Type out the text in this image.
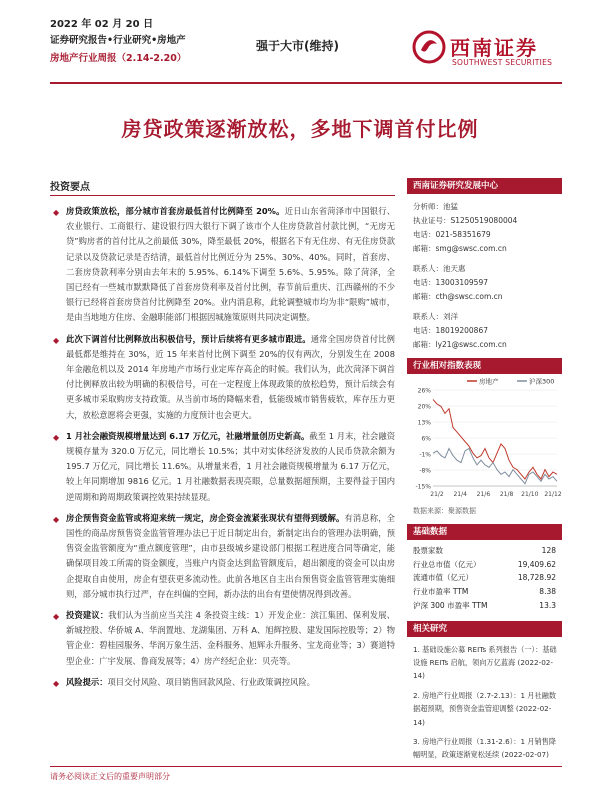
2022 年 02 月 20 日
证券研究报告•行业研究•房地产
房地产行业周报（2.14-2.20）
强于大市(维持)	西南证券
SOUTHWEST SECURITIES
房贷政策逐渐放松，多地下调首付比例
投资要点
◆ 房贷政策放松，部分城市首套房最低首付比例降至 20%。近日山东省菏泽市中国银行、农业银行、工商银行、建设银行四大银行下调了该市个人住房贷款首付款比例，“无房无贷”购房者的首付比从之前最低 30%，降至最低 20%，根据名下有无住房、有无住房贷款记录以及贷款记录是否结清，最低首付比例近分为 25%、30%、40%。同时，首套房、二套房贷款利率分别由去年末的 5.95%、6.14%下调至 5.6%、5.95%。除了菏泽，全国已经有一些城市默默降低了首套房贷利率及首付比例，春节前后重庆、江西赣州的不少银行已经将首套房贷首付比例降至 20%。业内消息称，此轮调整城市均为非“限购”城市，是由当地地方住房、金融职能部门根据因城施策原则共同决定调整。
◆ 此次下调首付比例释放出积极信号，预计后续将有更多城市跟进。通常全国房贷首付比例最低都是维持在 30%，近 15 年来首付比例下调至 20%的仅有两次，分别发生在 2008 年金融危机以及 2014 年房地产市场行业定库存高企的时候。我们认为，此次菏泽下调首付比例释放出较为明确的积极信号，可在一定程度上体现政策的放松趋势，预计后续会有更多城市采取购房支持政策。从当前市场的降幅来看，低能级城市销售疲软，库存压力更大，放松意愿将会更强，实施的力度预计也会更大。
◆ 1 月社会融资规模增量达到 6.17 万亿元，社融增量创历史新高。截至 1 月末，社会融资规模存量为 320.0 万亿元，同比增长 10.5%；其中对实体经济发放的人民币贷款余额为 195.7 万亿元，同比增长 11.6%。从增量来看，1 月社会融资规模增量为 6.17 万亿元，较上年同期增加 9816 亿元。1 月社融数据表现亮眼，总量数据超预期，主要得益于国内逆周期和跨周期政策调控效果持续显现。
◆ 房企预售资金监管或将迎来统一规定，房企资金流紧张现状有望得到缓解。有消息称，全国性的商品房预售资金监管管理办法已于近日制定出台，新制定出台的管理办法明确，预售资金监管额度为“重点额度管理”，由市县级城乡建设部门根据工程进度合同等确定，能确保项目竣工所需的资金额度，当账户内资金达到监管额度后，超出额度的资金可以由房企提取自由使用，房企有望获更多流动性。此前各地区自主出台预售资金监管管理实施细则，部分城市执行过严，存在纠偏的空间，新办法的出台有望使情况得到改善。
◆ 投资建议：我们认为当前应当关注 4 条投资主线：1）开发企业：滨江集团、保利发展、新城控股、华侨城 A、华润置地、龙湖集团、万科 A、旭辉控股、建发国际控股等；2）物管企业：碧桂园服务、华润万象生活、金科服务、旭辉永升服务、宝龙商业等；3）赛道特型企业：广宇发展、鲁商发展等；4）房产经纪企业：贝壳等。
◆ 风险提示：项目交付风险、项目销售回款风险、行业政策调控风险。
西南证券研究发展中心
分析师：池猛
执业证号：S1250519080004
电话：021-58351679
邮箱：smg@swsc.com.cn
联系人：池天惠
电话：13003109597
邮箱：cth@swsc.com.cn
联系人：刘洋
电话：18019200867
邮箱：ly21@swsc.com.cn
行业相对指数表现
26%
20%
13%
6%
-1%
-8%
-15%
21/2 21/4 21/6 21/8 21/10 21/12
房地产	沪深300
数据来源：聚源数据
基础数据
股票家数	128
行业总市值（亿元）	19,409.62
流通市值（亿元）	18,728.92
行业市盈率 TTM	8.38
沪深 300 市盈率 TTM	13.3
相关研究
1. 基础设施公募 REITs 系列报告（一）：基础设施 REITs 启航，领向万亿蓝海 (2022-02-14)
2. 房地产行业周报（2.7-2.13）：1 月社融数据超预期，预售资金监管迎调整 (2022-02-14)
3. 房地产行业周报（1.31-2.6）：1 月销售降幅明显，政策逐渐宽松延续 (2022-02-07)
请务必阅读正文后的重要声明部分
